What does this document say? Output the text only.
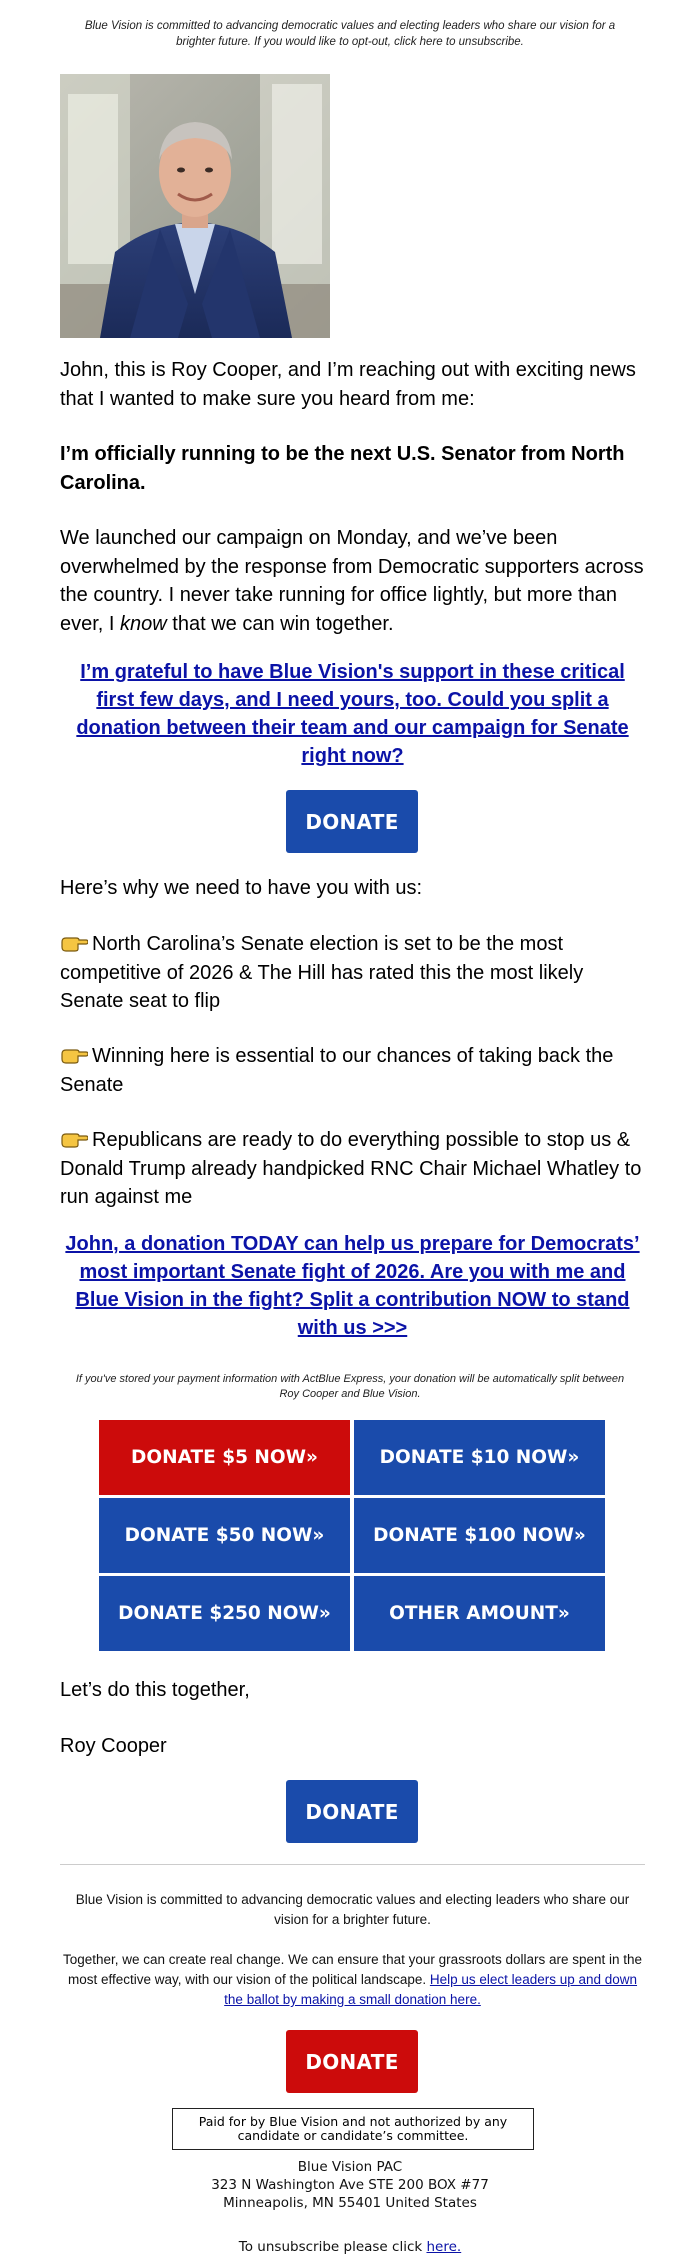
Blue Vision is committed to advancing democratic values and electing leaders who share our vision for a brighter future. If you would like to opt-out, click here to unsubscribe.
John, this is Roy Cooper, and I’m reaching out with exciting news that I wanted to make sure you heard from me:
I’m officially running to be the next U.S. Senator from North Carolina.
We launched our campaign on Monday, and we’ve been overwhelmed by the response from Democratic supporters across the country. I never take running for office lightly, but more than ever, I know that we can win together.
I’m grateful to have Blue Vision's support in these critical first few days, and I need yours, too. Could you split a donation between their team and our campaign for Senate right now?
DONATE
Here’s why we need to have you with us:
North Carolina’s Senate election is set to be the most competitive of 2026 & The Hill has rated this the most likely Senate seat to flip
Winning here is essential to our chances of taking back the Senate
Republicans are ready to do everything possible to stop us & Donald Trump already handpicked RNC Chair Michael Whatley to run against me
John, a donation TODAY can help us prepare for Democrats’ most important Senate fight of 2026. Are you with me and Blue Vision in the fight? Split a contribution NOW to stand with us >>>
If you've stored your payment information with ActBlue Express, your donation will be automatically split between Roy Cooper and Blue Vision.
DONATE $5 NOW»	DONATE $10 NOW»
DONATE $50 NOW»	DONATE $100 NOW»
DONATE $250 NOW»	OTHER AMOUNT»
Let’s do this together,
Roy Cooper
DONATE
Blue Vision is committed to advancing democratic values and electing leaders who share our vision for a brighter future.
Together, we can create real change. We can ensure that your grassroots dollars are spent in the most effective way, with our vision of the political landscape. Help us elect leaders up and down the ballot by making a small donation here.
DONATE
Paid for by Blue Vision and not authorized by any candidate or candidate’s committee.
Blue Vision PAC
323 N Washington Ave STE 200 BOX #77
Minneapolis, MN 55401 United States
To unsubscribe please click here.
